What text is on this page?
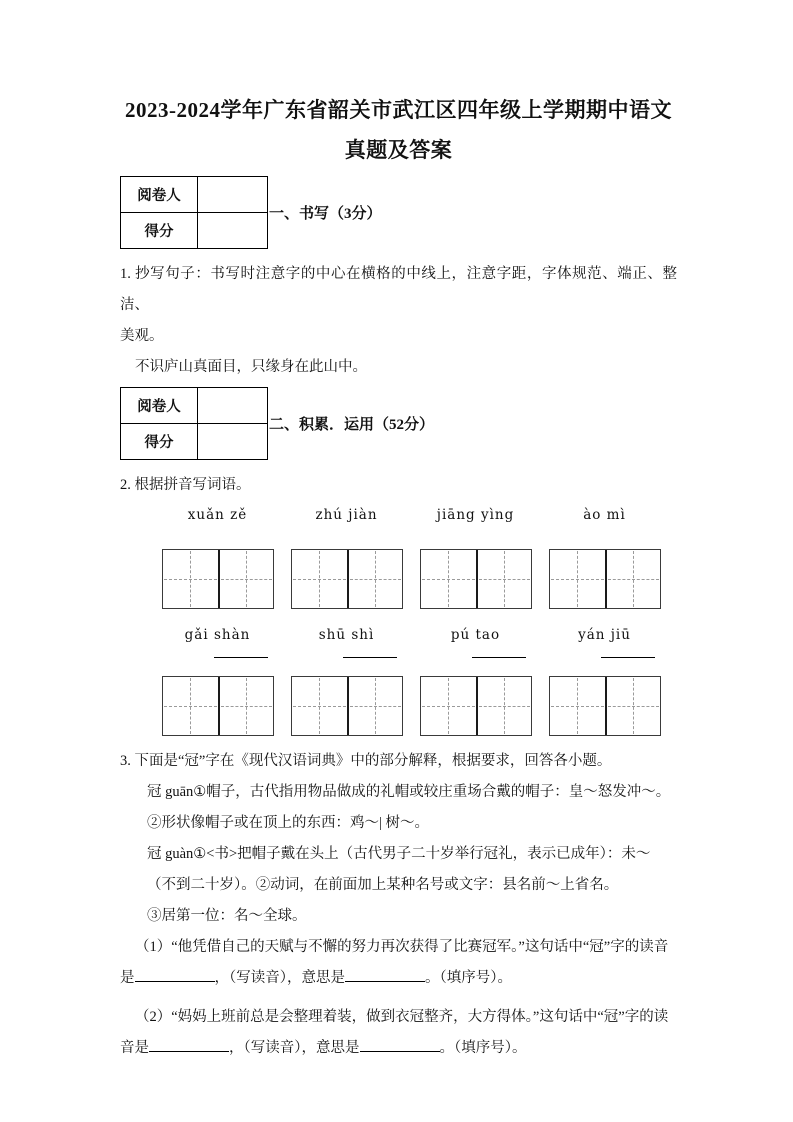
2023-2024学年广东省韶关市武江区四年级上学期期中语文
真题及答案
阅卷人	
得分	
一、书写（3分）
1. 抄写句子：书写时注意字的中心在横格的中线上，注意字距，字体规范、端正、整洁、
美观。
不识庐山真面目，只缘身在此山中。
阅卷人	
得分	
二、积累．运用（52分）
2. 根据拼音写词语。
xuǎn zě	zhú jiàn	jiāng yìng	ào mì
gǎi shàn	shū shì	pú tao	yán jiū
3. 下面是“冠”字在《现代汉语词典》中的部分解释，根据要求，回答各小题。
冠 guān①帽子，古代指用物品做成的礼帽或较庄重场合戴的帽子：皇～怒发冲～。
②形状像帽子或在顶上的东西：鸡～| 树～。
冠 guàn①<书>把帽子戴在头上（古代男子二十岁举行冠礼，表示已成年）：未～
（不到二十岁）。②动词，在前面加上某种名号或文字：县名前～上省名。
③居第一位：名～全球。
（1）“他凭借自己的天赋与不懈的努力再次获得了比赛冠军。”这句话中“冠”字的读音
是	，（写读音），意思是	。（填序号）。
（2）“妈妈上班前总是会整理着装，做到衣冠整齐，大方得体。”这句话中“冠”字的读
音是	，（写读音），意思是	。（填序号）。
